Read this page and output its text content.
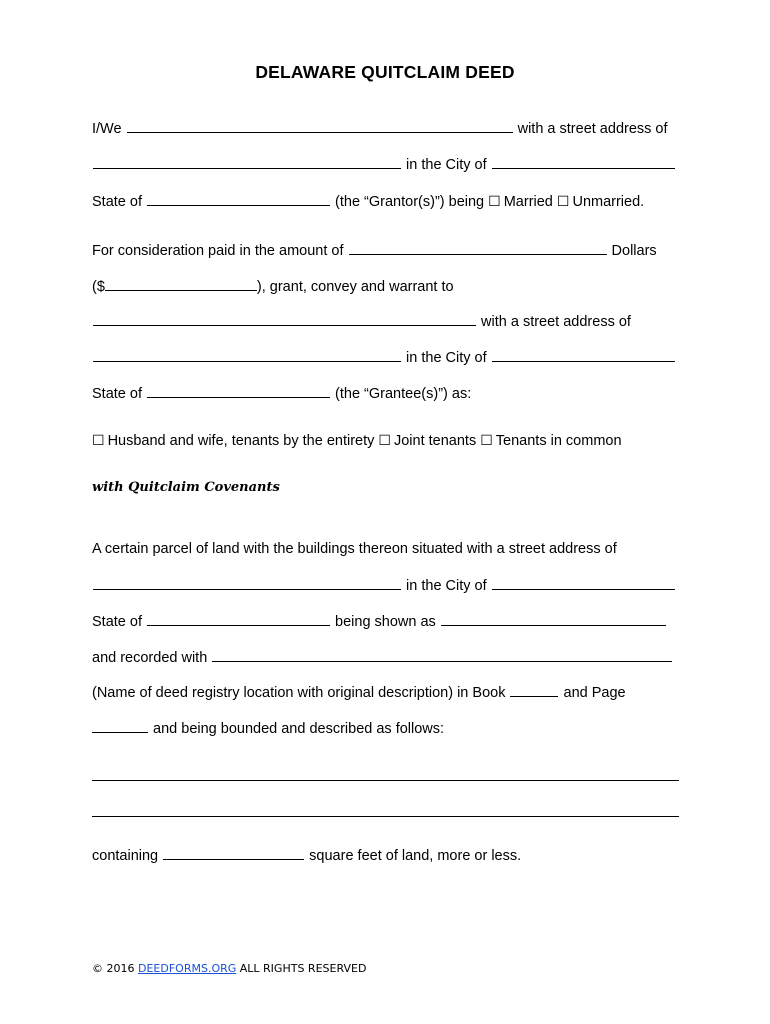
DELAWARE QUITCLAIM DEED
I/We	with a street address of
in the City of
State of	(the “Grantor(s)”) being ☐ Married ☐ Unmarried.
For consideration paid in the amount of	Dollars
($	), grant, convey and warrant to
with a street address of
in the City of
State of	(the “Grantee(s)”) as:
☐ Husband and wife, tenants by the entirety ☐ Joint tenants ☐ Tenants in common
with Quitclaim Covenants
A certain parcel of land with the buildings thereon situated with a street address of
in the City of
State of	being shown as
and recorded with
(Name of deed registry location with original description) in Book	and Page
and being bounded and described as follows:
containing	square feet of land, more or less.
© 2016 DEEDFORMS.ORG ALL RIGHTS RESERVED
